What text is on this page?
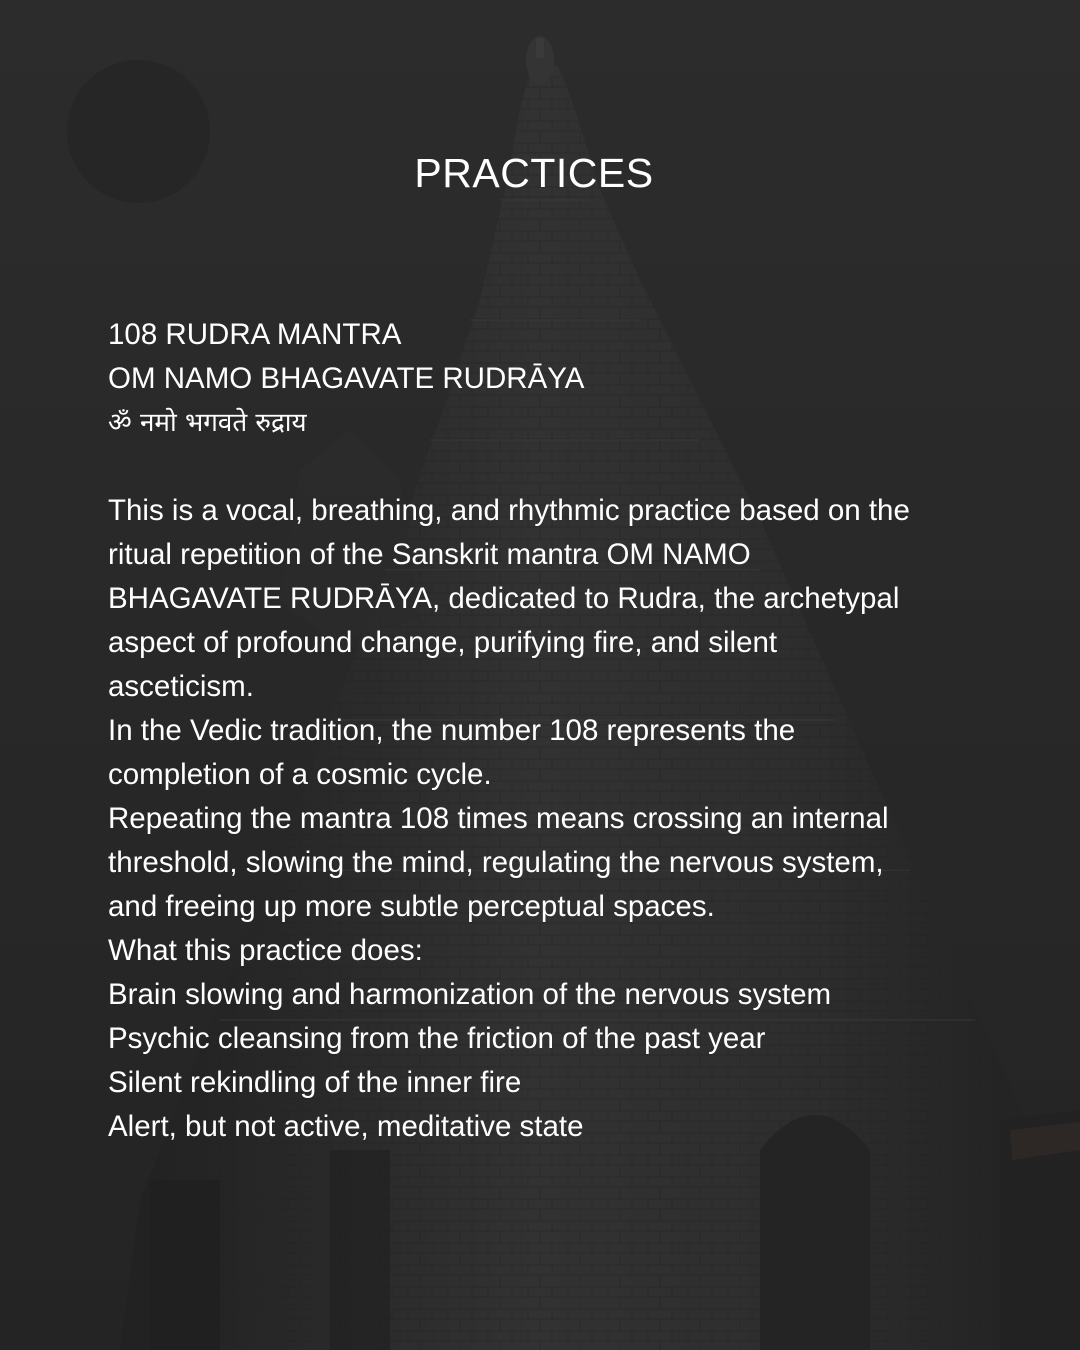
PRACTICES
108 RUDRA MANTRA
OM NAMO BHAGAVATE RUDRĀYA
ॐ नमो भगवते रुद्राय
This is a vocal, breathing, and rhythmic practice based on the
ritual repetition of the Sanskrit mantra OM NAMO
BHAGAVATE RUDRĀYA, dedicated to Rudra, the archetypal
aspect of profound change, purifying fire, and silent
asceticism.
In the Vedic tradition, the number 108 represents the
completion of a cosmic cycle.
Repeating the mantra 108 times means crossing an internal
threshold, slowing the mind, regulating the nervous system,
and freeing up more subtle perceptual spaces.
What this practice does:
Brain slowing and harmonization of the nervous system
Psychic cleansing from the friction of the past year
Silent rekindling of the inner fire
Alert, but not active, meditative state
